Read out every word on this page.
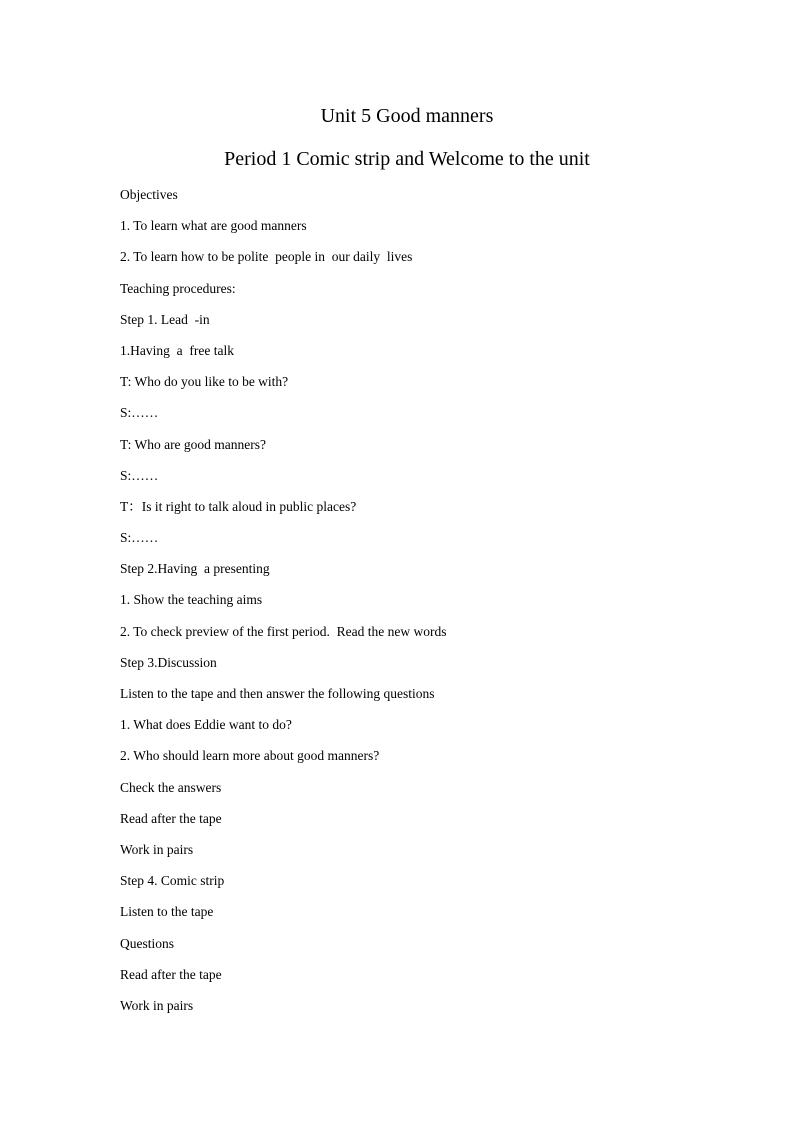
Unit 5 Good manners
Period 1 Comic strip and Welcome to the unit
Objectives
1. To learn what are good manners
2. To learn how to be polite  people in  our daily  lives
Teaching procedures:
Step 1. Lead  -in
1.Having  a  free talk
T: Who do you like to be with?
S:……
T: Who are good manners?
S:……
T：Is it right to talk aloud in public places?
S:……
Step 2.Having  a presenting
1. Show the teaching aims
2. To check preview of the first period.  Read the new words
Step 3.Discussion
Listen to the tape and then answer the following questions
1. What does Eddie want to do?
2. Who should learn more about good manners?
Check the answers
Read after the tape
Work in pairs
Step 4. Comic strip
Listen to the tape
Questions
Read after the tape
Work in pairs
